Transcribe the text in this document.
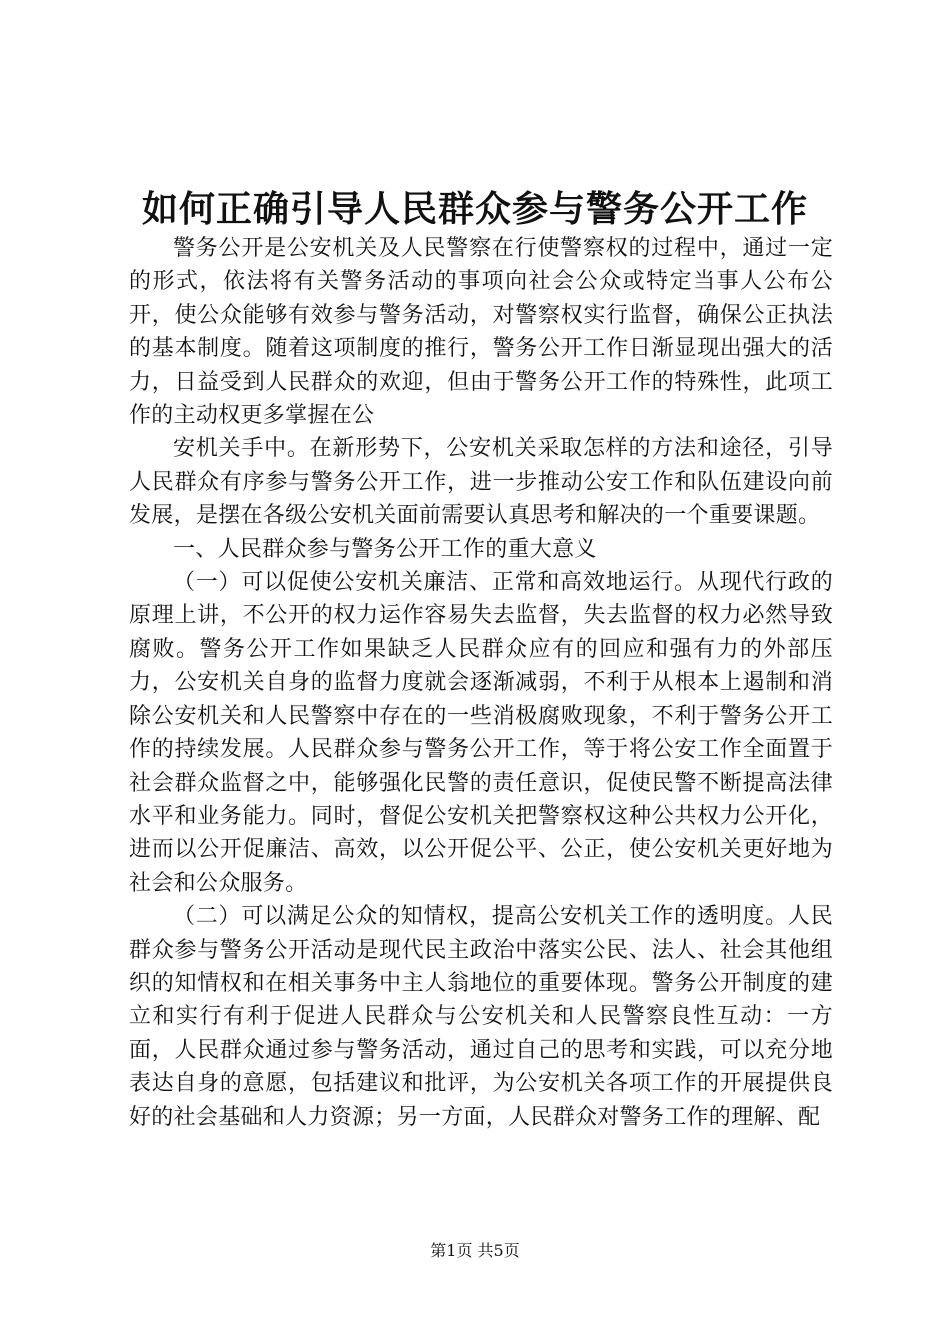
如何正确引导人民群众参与警务公开工作

警务公开是公安机关及人民警察在行使警察权的过程中，通过一定的形式，依法将有关警务活动的事项向社会公众或特定当事人公布公开，使公众能够有效参与警务活动，对警察权实行监督，确保公正执法的基本制度。随着这项制度的推行，警务公开工作日渐显现出强大的活力，日益受到人民群众的欢迎，但由于警务公开工作的特殊性，此项工作的主动权更多掌握在公

安机关手中。在新形势下，公安机关采取怎样的方法和途径，引导人民群众有序参与警务公开工作，进一步推动公安工作和队伍建设向前发展，是摆在各级公安机关面前需要认真思考和解决的一个重要课题。

一、人民群众参与警务公开工作的重大意义

（一）可以促使公安机关廉洁、正常和高效地运行。从现代行政的原理上讲，不公开的权力运作容易失去监督，失去监督的权力必然导致腐败。警务公开工作如果缺乏人民群众应有的回应和强有力的外部压力，公安机关自身的监督力度就会逐渐减弱，不利于从根本上遏制和消除公安机关和人民警察中存在的一些消极腐败现象，不利于警务公开工作的持续发展。人民群众参与警务公开工作，等于将公安工作全面置于社会群众监督之中，能够强化民警的责任意识，促使民警不断提高法律水平和业务能力。同时，督促公安机关把警察权这种公共权力公开化，进而以公开促廉洁、高效，以公开促公平、公正，使公安机关更好地为社会和公众服务。

（二）可以满足公众的知情权，提高公安机关工作的透明度。人民群众参与警务公开活动是现代民主政治中落实公民、法人、社会其他组织的知情权和在相关事务中主人翁地位的重要体现。警务公开制度的建立和实行有利于促进人民群众与公安机关和人民警察良性互动：一方面，人民群众通过参与警务活动，通过自己的思考和实践，可以充分地表达自身的意愿，包括建议和批评，为公安机关各项工作的开展提供良好的社会基础和人力资源；另一方面，人民群众对警务工作的理解、配

第1页 共5页
